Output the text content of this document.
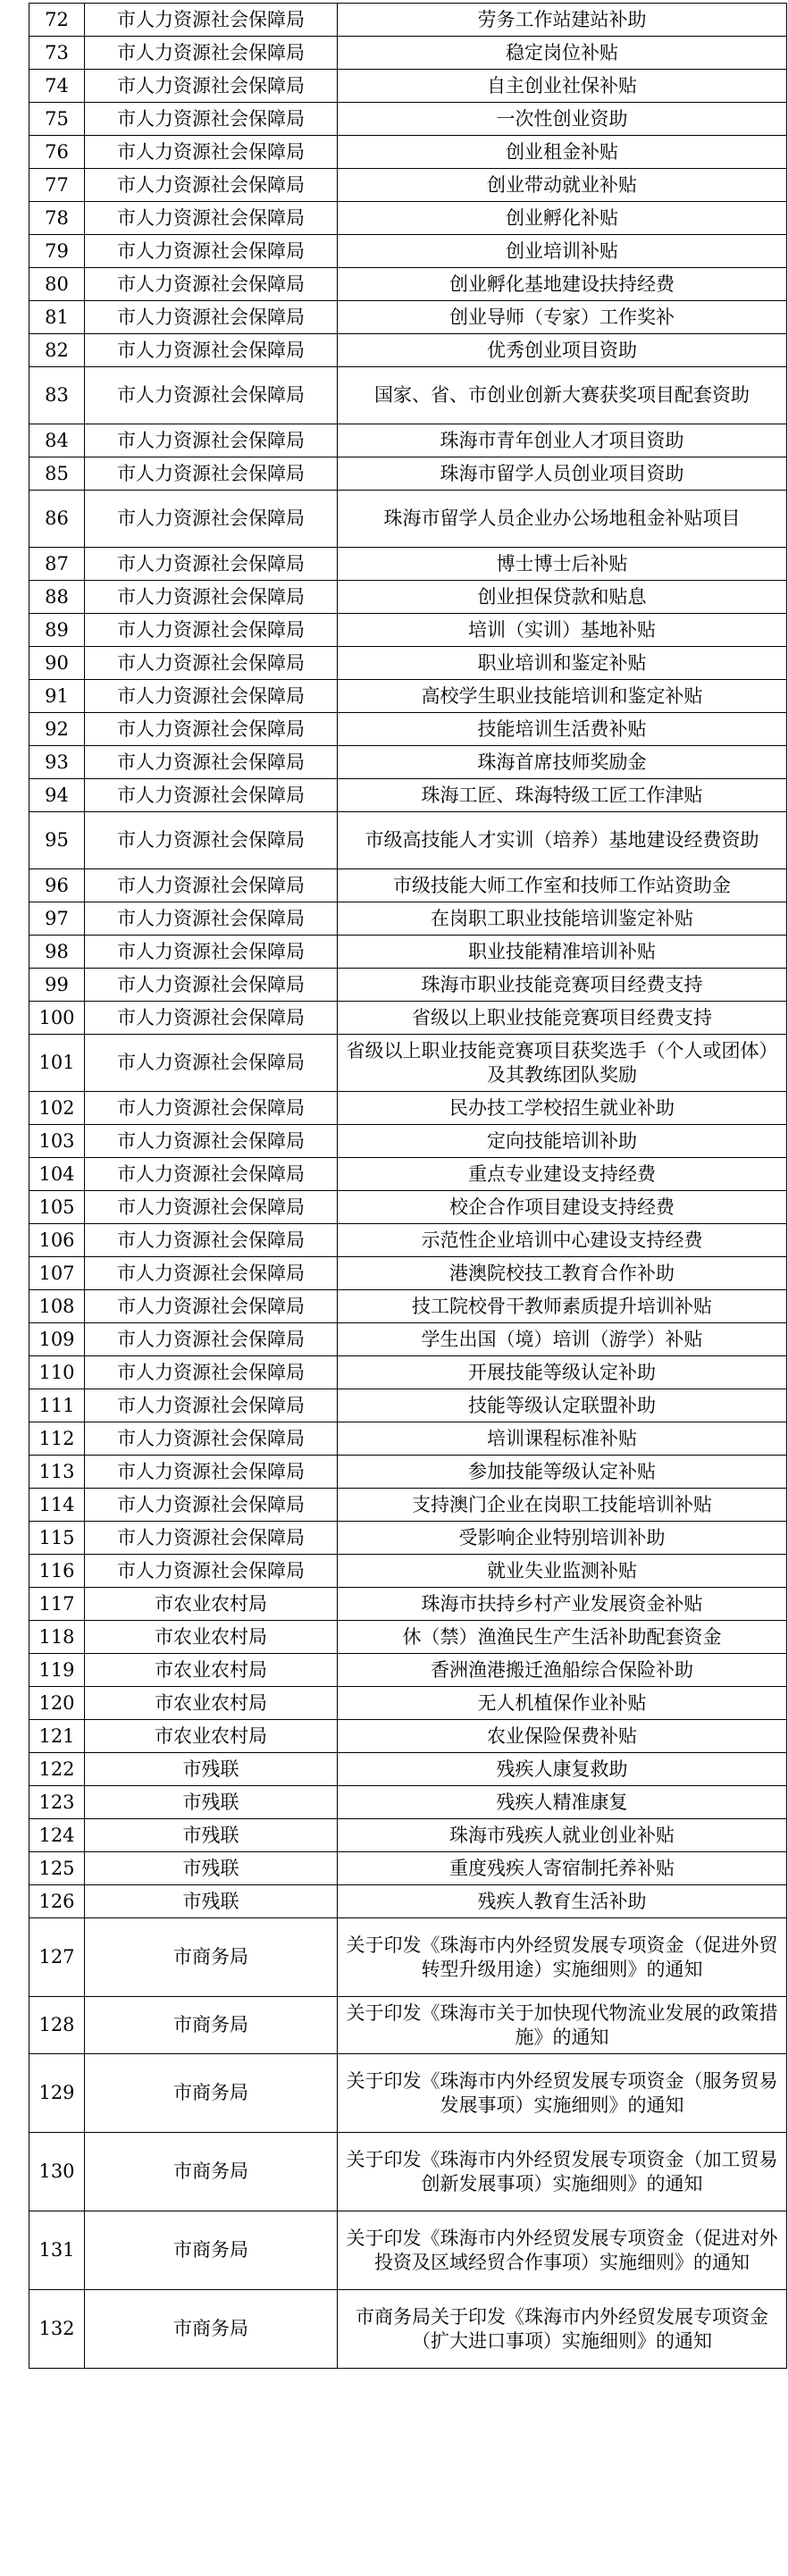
72	市人力资源社会保障局	劳务工作站建站补助
73	市人力资源社会保障局	稳定岗位补贴
74	市人力资源社会保障局	自主创业社保补贴
75	市人力资源社会保障局	一次性创业资助
76	市人力资源社会保障局	创业租金补贴
77	市人力资源社会保障局	创业带动就业补贴
78	市人力资源社会保障局	创业孵化补贴
79	市人力资源社会保障局	创业培训补贴
80	市人力资源社会保障局	创业孵化基地建设扶持经费
81	市人力资源社会保障局	创业导师（专家）工作奖补
82	市人力资源社会保障局	优秀创业项目资助
83	市人力资源社会保障局	国家、省、市创业创新大赛获奖项目配套资助
84	市人力资源社会保障局	珠海市青年创业人才项目资助
85	市人力资源社会保障局	珠海市留学人员创业项目资助
86	市人力资源社会保障局	珠海市留学人员企业办公场地租金补贴项目
87	市人力资源社会保障局	博士博士后补贴
88	市人力资源社会保障局	创业担保贷款和贴息
89	市人力资源社会保障局	培训（实训）基地补贴
90	市人力资源社会保障局	职业培训和鉴定补贴
91	市人力资源社会保障局	高校学生职业技能培训和鉴定补贴
92	市人力资源社会保障局	技能培训生活费补贴
93	市人力资源社会保障局	珠海首席技师奖励金
94	市人力资源社会保障局	珠海工匠、珠海特级工匠工作津贴
95	市人力资源社会保障局	市级高技能人才实训（培养）基地建设经费资助
96	市人力资源社会保障局	市级技能大师工作室和技师工作站资助金
97	市人力资源社会保障局	在岗职工职业技能培训鉴定补贴
98	市人力资源社会保障局	职业技能精准培训补贴
99	市人力资源社会保障局	珠海市职业技能竞赛项目经费支持
100	市人力资源社会保障局	省级以上职业技能竞赛项目经费支持
101	市人力资源社会保障局	省级以上职业技能竞赛项目获奖选手（个人或团体）及其教练团队奖励
102	市人力资源社会保障局	民办技工学校招生就业补助
103	市人力资源社会保障局	定向技能培训补助
104	市人力资源社会保障局	重点专业建设支持经费
105	市人力资源社会保障局	校企合作项目建设支持经费
106	市人力资源社会保障局	示范性企业培训中心建设支持经费
107	市人力资源社会保障局	港澳院校技工教育合作补助
108	市人力资源社会保障局	技工院校骨干教师素质提升培训补贴
109	市人力资源社会保障局	学生出国（境）培训（游学）补贴
110	市人力资源社会保障局	开展技能等级认定补助
111	市人力资源社会保障局	技能等级认定联盟补助
112	市人力资源社会保障局	培训课程标准补贴
113	市人力资源社会保障局	参加技能等级认定补贴
114	市人力资源社会保障局	支持澳门企业在岗职工技能培训补贴
115	市人力资源社会保障局	受影响企业特别培训补助
116	市人力资源社会保障局	就业失业监测补贴
117	市农业农村局	珠海市扶持乡村产业发展资金补贴
118	市农业农村局	休（禁）渔渔民生产生活补助配套资金
119	市农业农村局	香洲渔港搬迁渔船综合保险补助
120	市农业农村局	无人机植保作业补贴
121	市农业农村局	农业保险保费补贴
122	市残联	残疾人康复救助
123	市残联	残疾人精准康复
124	市残联	珠海市残疾人就业创业补贴
125	市残联	重度残疾人寄宿制托养补贴
126	市残联	残疾人教育生活补助
127	市商务局	关于印发《珠海市内外经贸发展专项资金（促进外贸转型升级用途）实施细则》的通知
128	市商务局	关于印发《珠海市关于加快现代物流业发展的政策措施》的通知
129	市商务局	关于印发《珠海市内外经贸发展专项资金（服务贸易发展事项）实施细则》的通知
130	市商务局	关于印发《珠海市内外经贸发展专项资金（加工贸易创新发展事项）实施细则》的通知
131	市商务局	关于印发《珠海市内外经贸发展专项资金（促进对外投资及区域经贸合作事项）实施细则》的通知
132	市商务局	市商务局关于印发《珠海市内外经贸发展专项资金（扩大进口事项）实施细则》的通知
